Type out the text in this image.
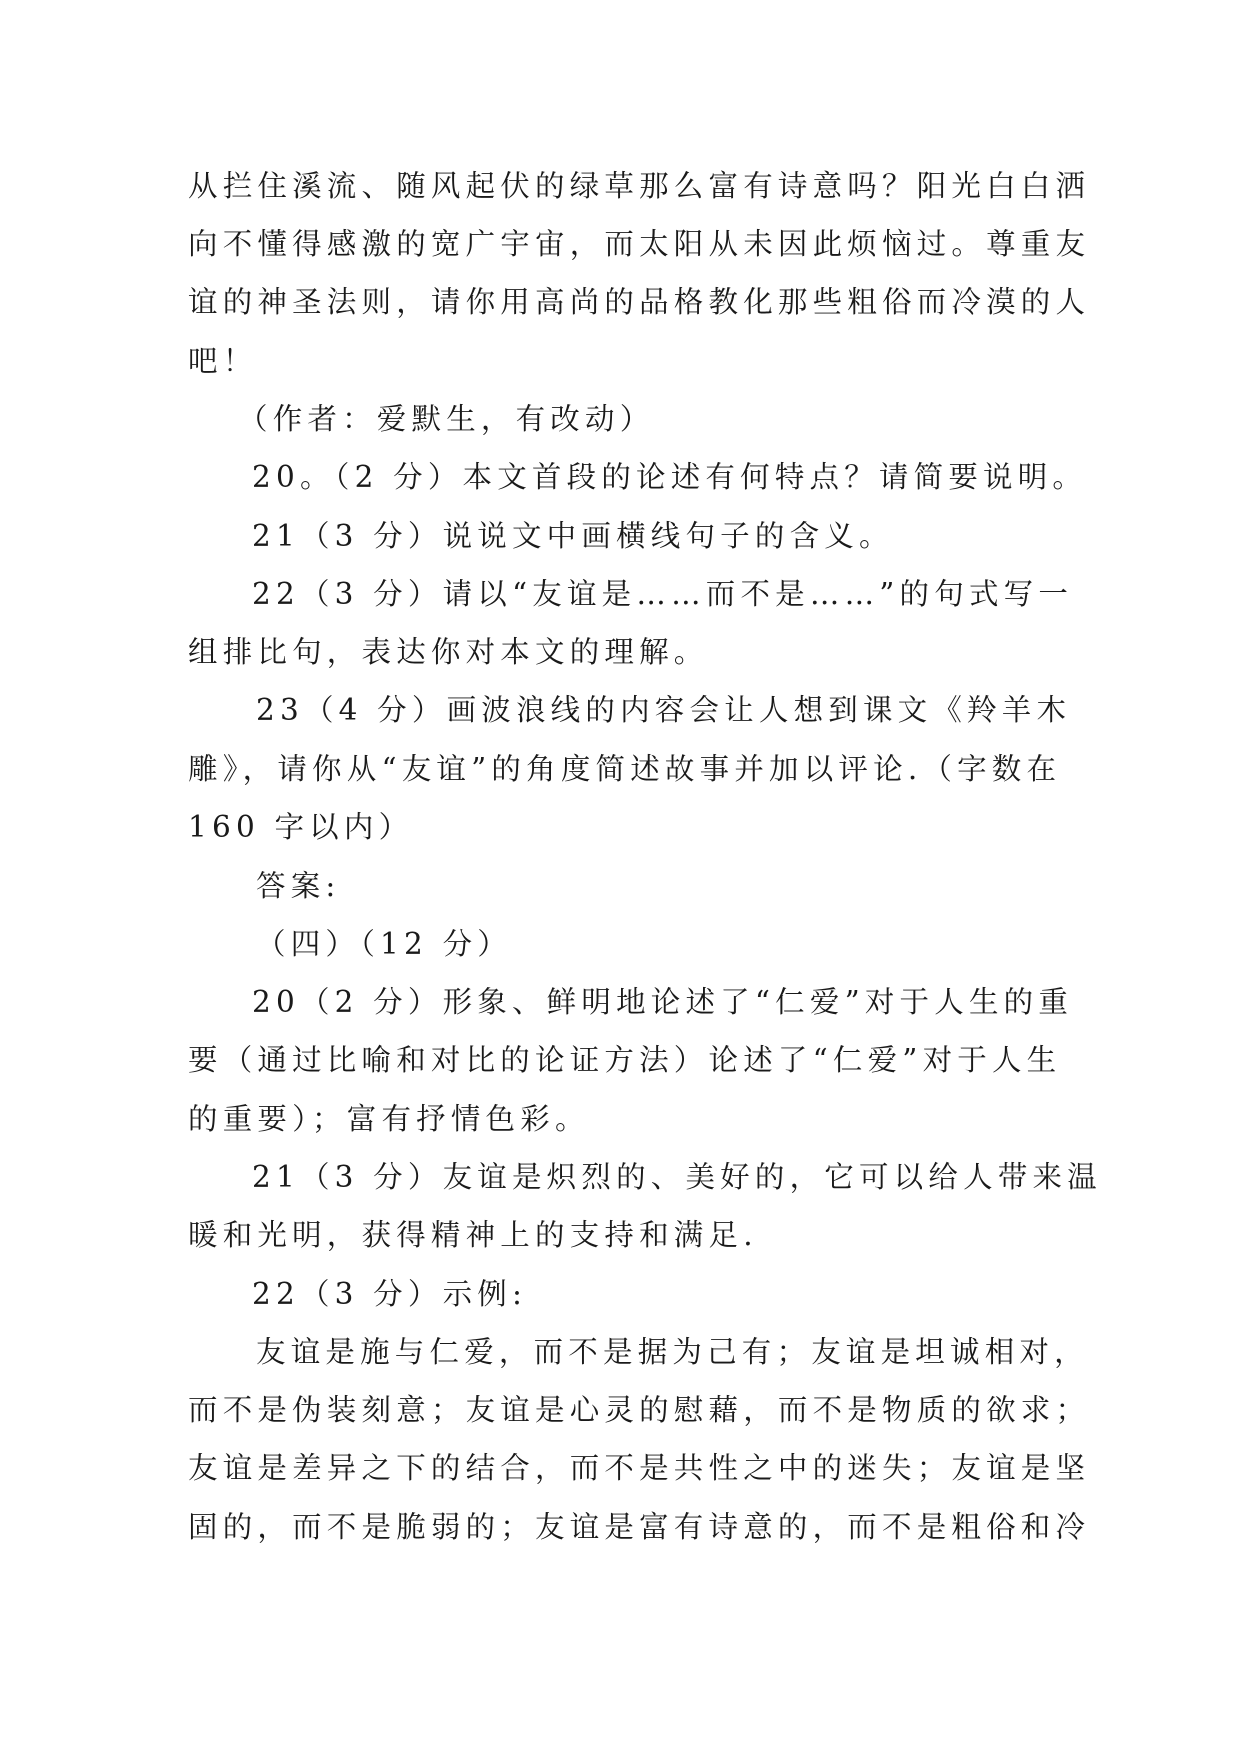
从拦住溪流、随风起伏的绿草那么富有诗意吗？阳光白白洒
向不懂得感激的宽广宇宙，而太阳从未因此烦恼过。尊重友
谊的神圣法则，请你用高尚的品格教化那些粗俗而冷漠的人
吧！
（作者：爱默生，有改动）
20。（2 分）本文首段的论述有何特点？请简要说明。
21（3 分）说说文中画横线句子的含义。
22（3 分）请以“友谊是……而不是……”的句式写一
组排比句，表达你对本文的理解。
23（4 分）画波浪线的内容会让人想到课文《羚羊木
雕》，请你从“友谊”的角度简述故事并加以评论.（字数在
160 字以内）
答案:
（四）（12 分）
20（2 分）形象、鲜明地论述了“仁爱”对于人生的重
要（通过比喻和对比的论证方法）论述了“仁爱”对于人生
的重要）；富有抒情色彩。
21（3 分）友谊是炽烈的、美好的，它可以给人带来温
暖和光明，获得精神上的支持和满足.
22（3 分）示例:
友谊是施与仁爱，而不是据为己有；友谊是坦诚相对，
而不是伪装刻意；友谊是心灵的慰藉，而不是物质的欲求；
友谊是差异之下的结合，而不是共性之中的迷失；友谊是坚
固的，而不是脆弱的；友谊是富有诗意的，而不是粗俗和冷
